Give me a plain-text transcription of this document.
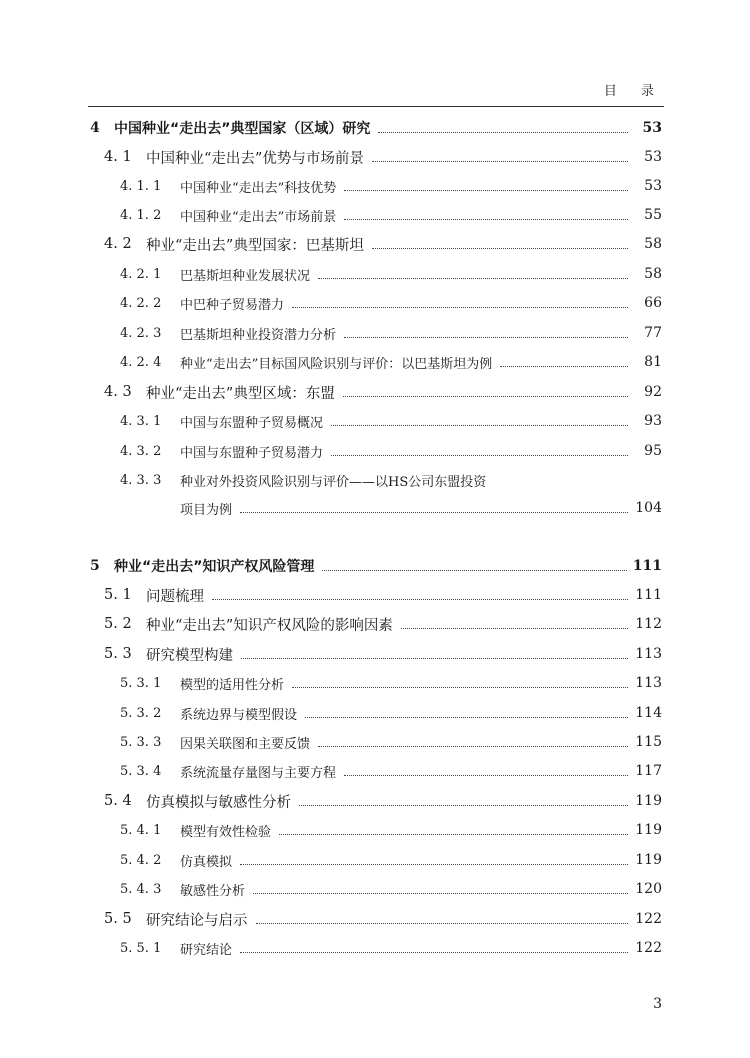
目 录
4 中国种业“走出去”典型国家（区域）研究	53
4. 1 中国种业“走出去”优势与市场前景	53
4. 1. 1 中国种业“走出去”科技优势	53
4. 1. 2 中国种业“走出去”市场前景	55
4. 2 种业“走出去”典型国家：巴基斯坦	58
4. 2. 1 巴基斯坦种业发展状况	58
4. 2. 2 中巴种子贸易潜力	66
4. 2. 3 巴基斯坦种业投资潜力分析	77
4. 2. 4 种业“走出去”目标国风险识别与评价：以巴基斯坦为例	81
4. 3 种业“走出去”典型区域：东盟	92
4. 3. 1 中国与东盟种子贸易概况	93
4. 3. 2 中国与东盟种子贸易潜力	95
4. 3. 3 种业对外投资风险识别与评价——以HS公司东盟投资
项目为例	104
5 种业“走出去”知识产权风险管理	111
5. 1 问题梳理	111
5. 2 种业“走出去”知识产权风险的影响因素	112
5. 3 研究模型构建	113
5. 3. 1 模型的适用性分析	113
5. 3. 2 系统边界与模型假设	114
5. 3. 3 因果关联图和主要反馈	115
5. 3. 4 系统流量存量图与主要方程	117
5. 4 仿真模拟与敏感性分析	119
5. 4. 1 模型有效性检验	119
5. 4. 2 仿真模拟	119
5. 4. 3 敏感性分析	120
5. 5 研究结论与启示	122
5. 5. 1 研究结论	122
3
